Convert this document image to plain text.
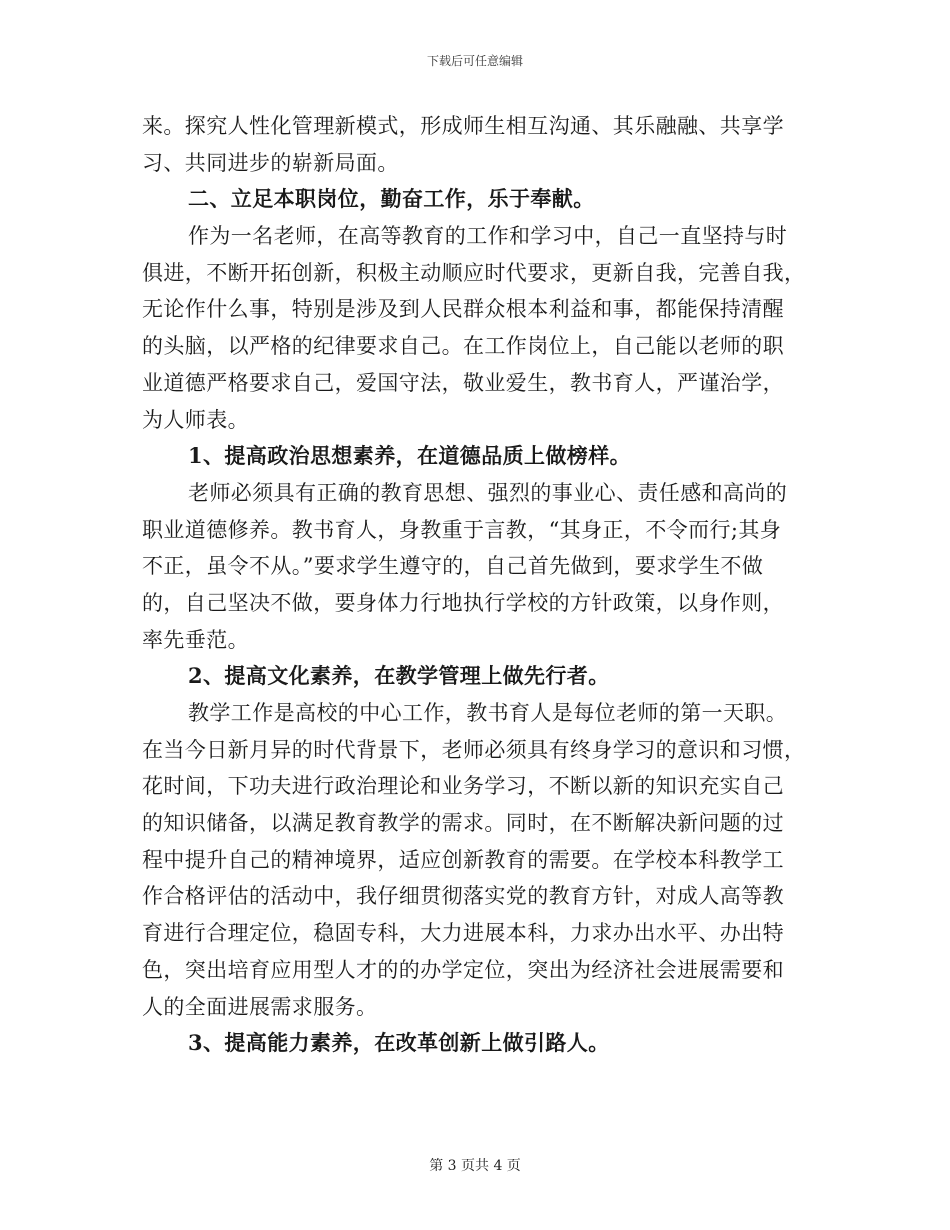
下载后可任意编辑
来。探究人性化管理新模式，形成师生相互沟通、其乐融融、共享学
习、共同进步的崭新局面。
二、立足本职岗位，勤奋工作，乐于奉献。
作为一名老师，在高等教育的工作和学习中，自己一直坚持与时
俱进，不断开拓创新，积极主动顺应时代要求，更新自我，完善自我，
无论作什么事，特别是涉及到人民群众根本利益和事，都能保持清醒
的头脑，以严格的纪律要求自己。在工作岗位上，自己能以老师的职
业道德严格要求自己，爱国守法，敬业爱生，教书育人，严谨治学，
为人师表。
1、提高政治思想素养，在道德品质上做榜样。
老师必须具有正确的教育思想、强烈的事业心、责任感和高尚的
职业道德修养。教书育人，身教重于言教，“其身正，不令而行;其身
不正，虽令不从。”要求学生遵守的，自己首先做到，要求学生不做
的，自己坚决不做，要身体力行地执行学校的方针政策，以身作则，
率先垂范。
2、提高文化素养，在教学管理上做先行者。
教学工作是高校的中心工作，教书育人是每位老师的第一天职。
在当今日新月异的时代背景下，老师必须具有终身学习的意识和习惯，
花时间，下功夫进行政治理论和业务学习，不断以新的知识充实自己
的知识储备，以满足教育教学的需求。同时，在不断解决新问题的过
程中提升自己的精神境界，适应创新教育的需要。在学校本科教学工
作合格评估的活动中，我仔细贯彻落实党的教育方针，对成人高等教
育进行合理定位，稳固专科，大力进展本科，力求办出水平、办出特
色，突出培育应用型人才的的办学定位，突出为经济社会进展需要和
人的全面进展需求服务。
3、提高能力素养，在改革创新上做引路人。
第 3 页共 4 页
